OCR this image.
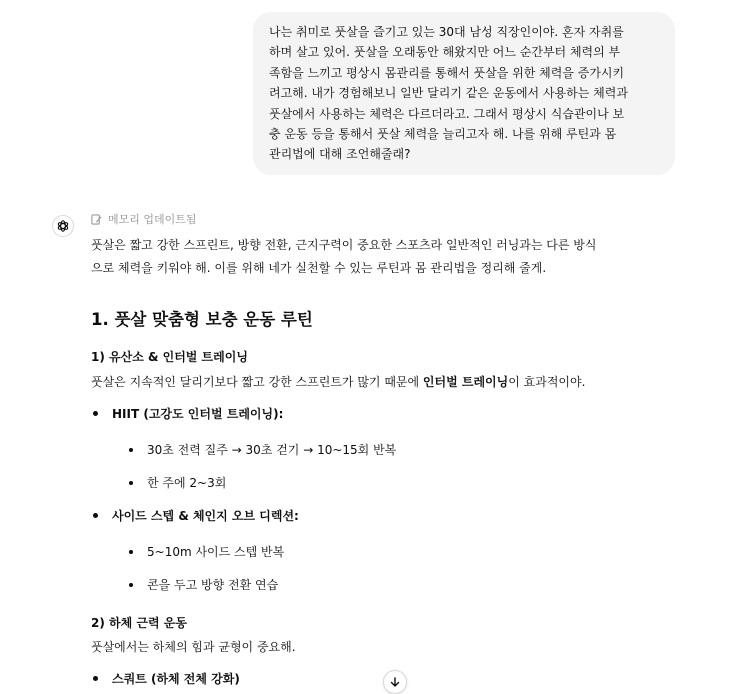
나는 취미로 풋살을 즐기고 있는 30대 남성 직장인이야. 혼자 자취를
하며 살고 있어. 풋살을 오래동안 해왔지만 어느 순간부터 체력의 부
족함을 느끼고 평상시 몸관리를 통해서 풋살을 위한 체력을 증가시키
려고해. 내가 경험해보니 일반 달리기 같은 운동에서 사용하는 체력과
풋살에서 사용하는 체력은 다르더라고. 그래서 평상시 식습관이나 보
충 운동 등을 통해서 풋살 체력을 늘리고자 해. 나를 위해 루틴과 몸
관리법에 대해 조언해줄래?
메모리 업데이트됨
풋살은 짧고 강한 스프린트, 방향 전환, 근지구력이 중요한 스포츠라 일반적인 러닝과는 다른 방식
으로 체력을 키워야 해. 이를 위해 네가 실천할 수 있는 루틴과 몸 관리법을 정리해 줄게.
1. 풋살 맞춤형 보충 운동 루틴
1) 유산소 & 인터벌 트레이닝
풋살은 지속적인 달리기보다 짧고 강한 스프린트가 많기 때문에 인터벌 트레이닝이 효과적이야.
HIIT (고강도 인터벌 트레이닝):
30초 전력 질주 → 30초 걷기 → 10~15회 반복
한 주에 2~3회
사이드 스텝 & 체인지 오브 디렉션:
5~10m 사이드 스텝 반복
콘을 두고 방향 전환 연습
2) 하체 근력 운동
풋살에서는 하체의 힘과 균형이 중요해.
스쿼트 (하체 전체 강화)
